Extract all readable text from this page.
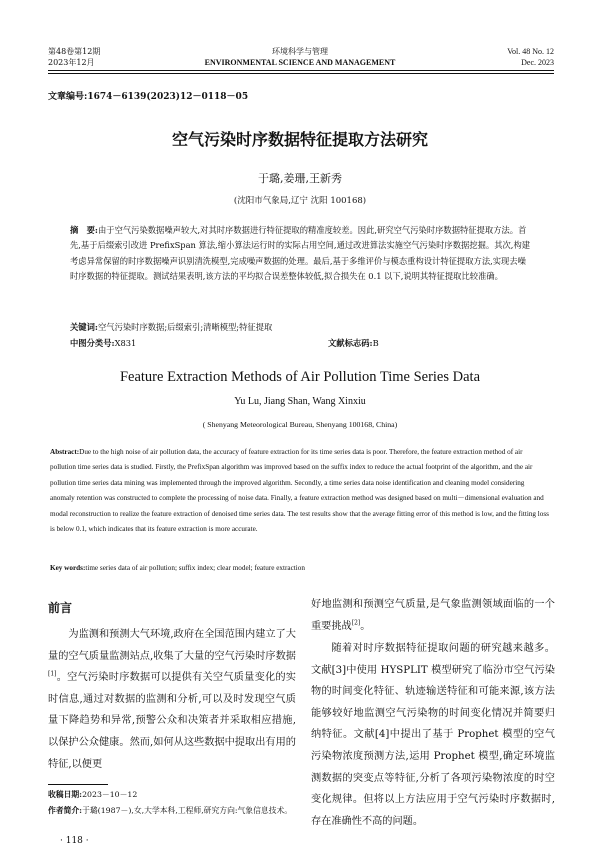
第48卷第12期
2023年12月
环境科学与管理
ENVIRONMENTAL SCIENCE AND MANAGEMENT
Vol. 48 No. 12
Dec. 2023
文章编号:1674－6139(2023)12－0118－05
空气污染时序数据特征提取方法研究
于璐,姜珊,王新秀
(沈阳市气象局,辽宁 沈阳 100168)
摘　要:由于空气污染数据噪声较大,对其时序数据进行特征提取的精准度较差。因此,研究空气污染时序数据特征提取方法。首先,基于后缀索引改进 PrefixSpan 算法,缩小算法运行时的实际占用空间,通过改进算法实施空气污染时序数据挖掘。其次,构建考虑异常保留的时序数据噪声识别清洗模型,完成噪声数据的处理。最后,基于多维评价与模态重构设计特征提取方法,实现去噪时序数据的特征提取。测试结果表明,该方法的平均拟合误差整体较低,拟合损失在 0.1 以下,说明其特征提取比较准确。
关键词:空气污染时序数据;后缀索引;清晰模型;特征提取
中图分类号:X831	文献标志码:B
Feature Extraction Methods of Air Pollution Time Series Data
Yu Lu, Jiang Shan, Wang Xinxiu
( Shenyang Meteorological Bureau, Shenyang 100168, China)
Abstract:Due to the high noise of air pollution data, the accuracy of feature extraction for its time series data is poor. Therefore, the feature extraction method of air pollution time series data is studied. Firstly, the PrefixSpan algorithm was improved based on the suffix index to reduce the actual footprint of the algorithm, and the air pollution time series data mining was implemented through the improved algorithm. Secondly, a time series data noise identification and cleaning model considering anomaly retention was constructed to complete the processing of noise data. Finally, a feature extraction method was designed based on multi－dimensional evaluation and modal reconstruction to realize the feature extraction of denoised time series data. The test results show that the average fitting error of this method is low, and the fitting loss is below 0.1, which indicates that its feature extraction is more accurate.
Key words:time series data of air pollution; suffix index; clear model; feature extraction
前言
为监测和预测大气环境,政府在全国范围内建立了大量的空气质量监测站点,收集了大量的空气污染时序数据[1]。空气污染时序数据可以提供有关空气质量变化的实时信息,通过对数据的监测和分析,可以及时发现空气质量下降趋势和异常,预警公众和决策者并采取相应措施,以保护公众健康。然而,如何从这些数据中提取出有用的特征,以便更
收稿日期:2023－10－12
作者简介:于璐(1987－),女,大学本科,工程师,研究方向:气象信息技术。
好地监测和预测空气质量,是气象监测领域面临的一个重要挑战[2]。
随着对时序数据特征提取问题的研究越来越多。文献[3]中使用 HYSPLIT 模型研究了临汾市空气污染物的时间变化特征、轨迹输送特征和可能来源,该方法能够较好地监测空气污染物的时间变化情况并简要归纳特征。文献[4]中提出了基于 Prophet 模型的空气污染物浓度预测方法,运用 Prophet 模型,确定环境监测数据的突变点等特征,分析了各项污染物浓度的时空变化规律。但将以上方法应用于空气污染时序数据时,存在准确性不高的问题。
· 118 ·
